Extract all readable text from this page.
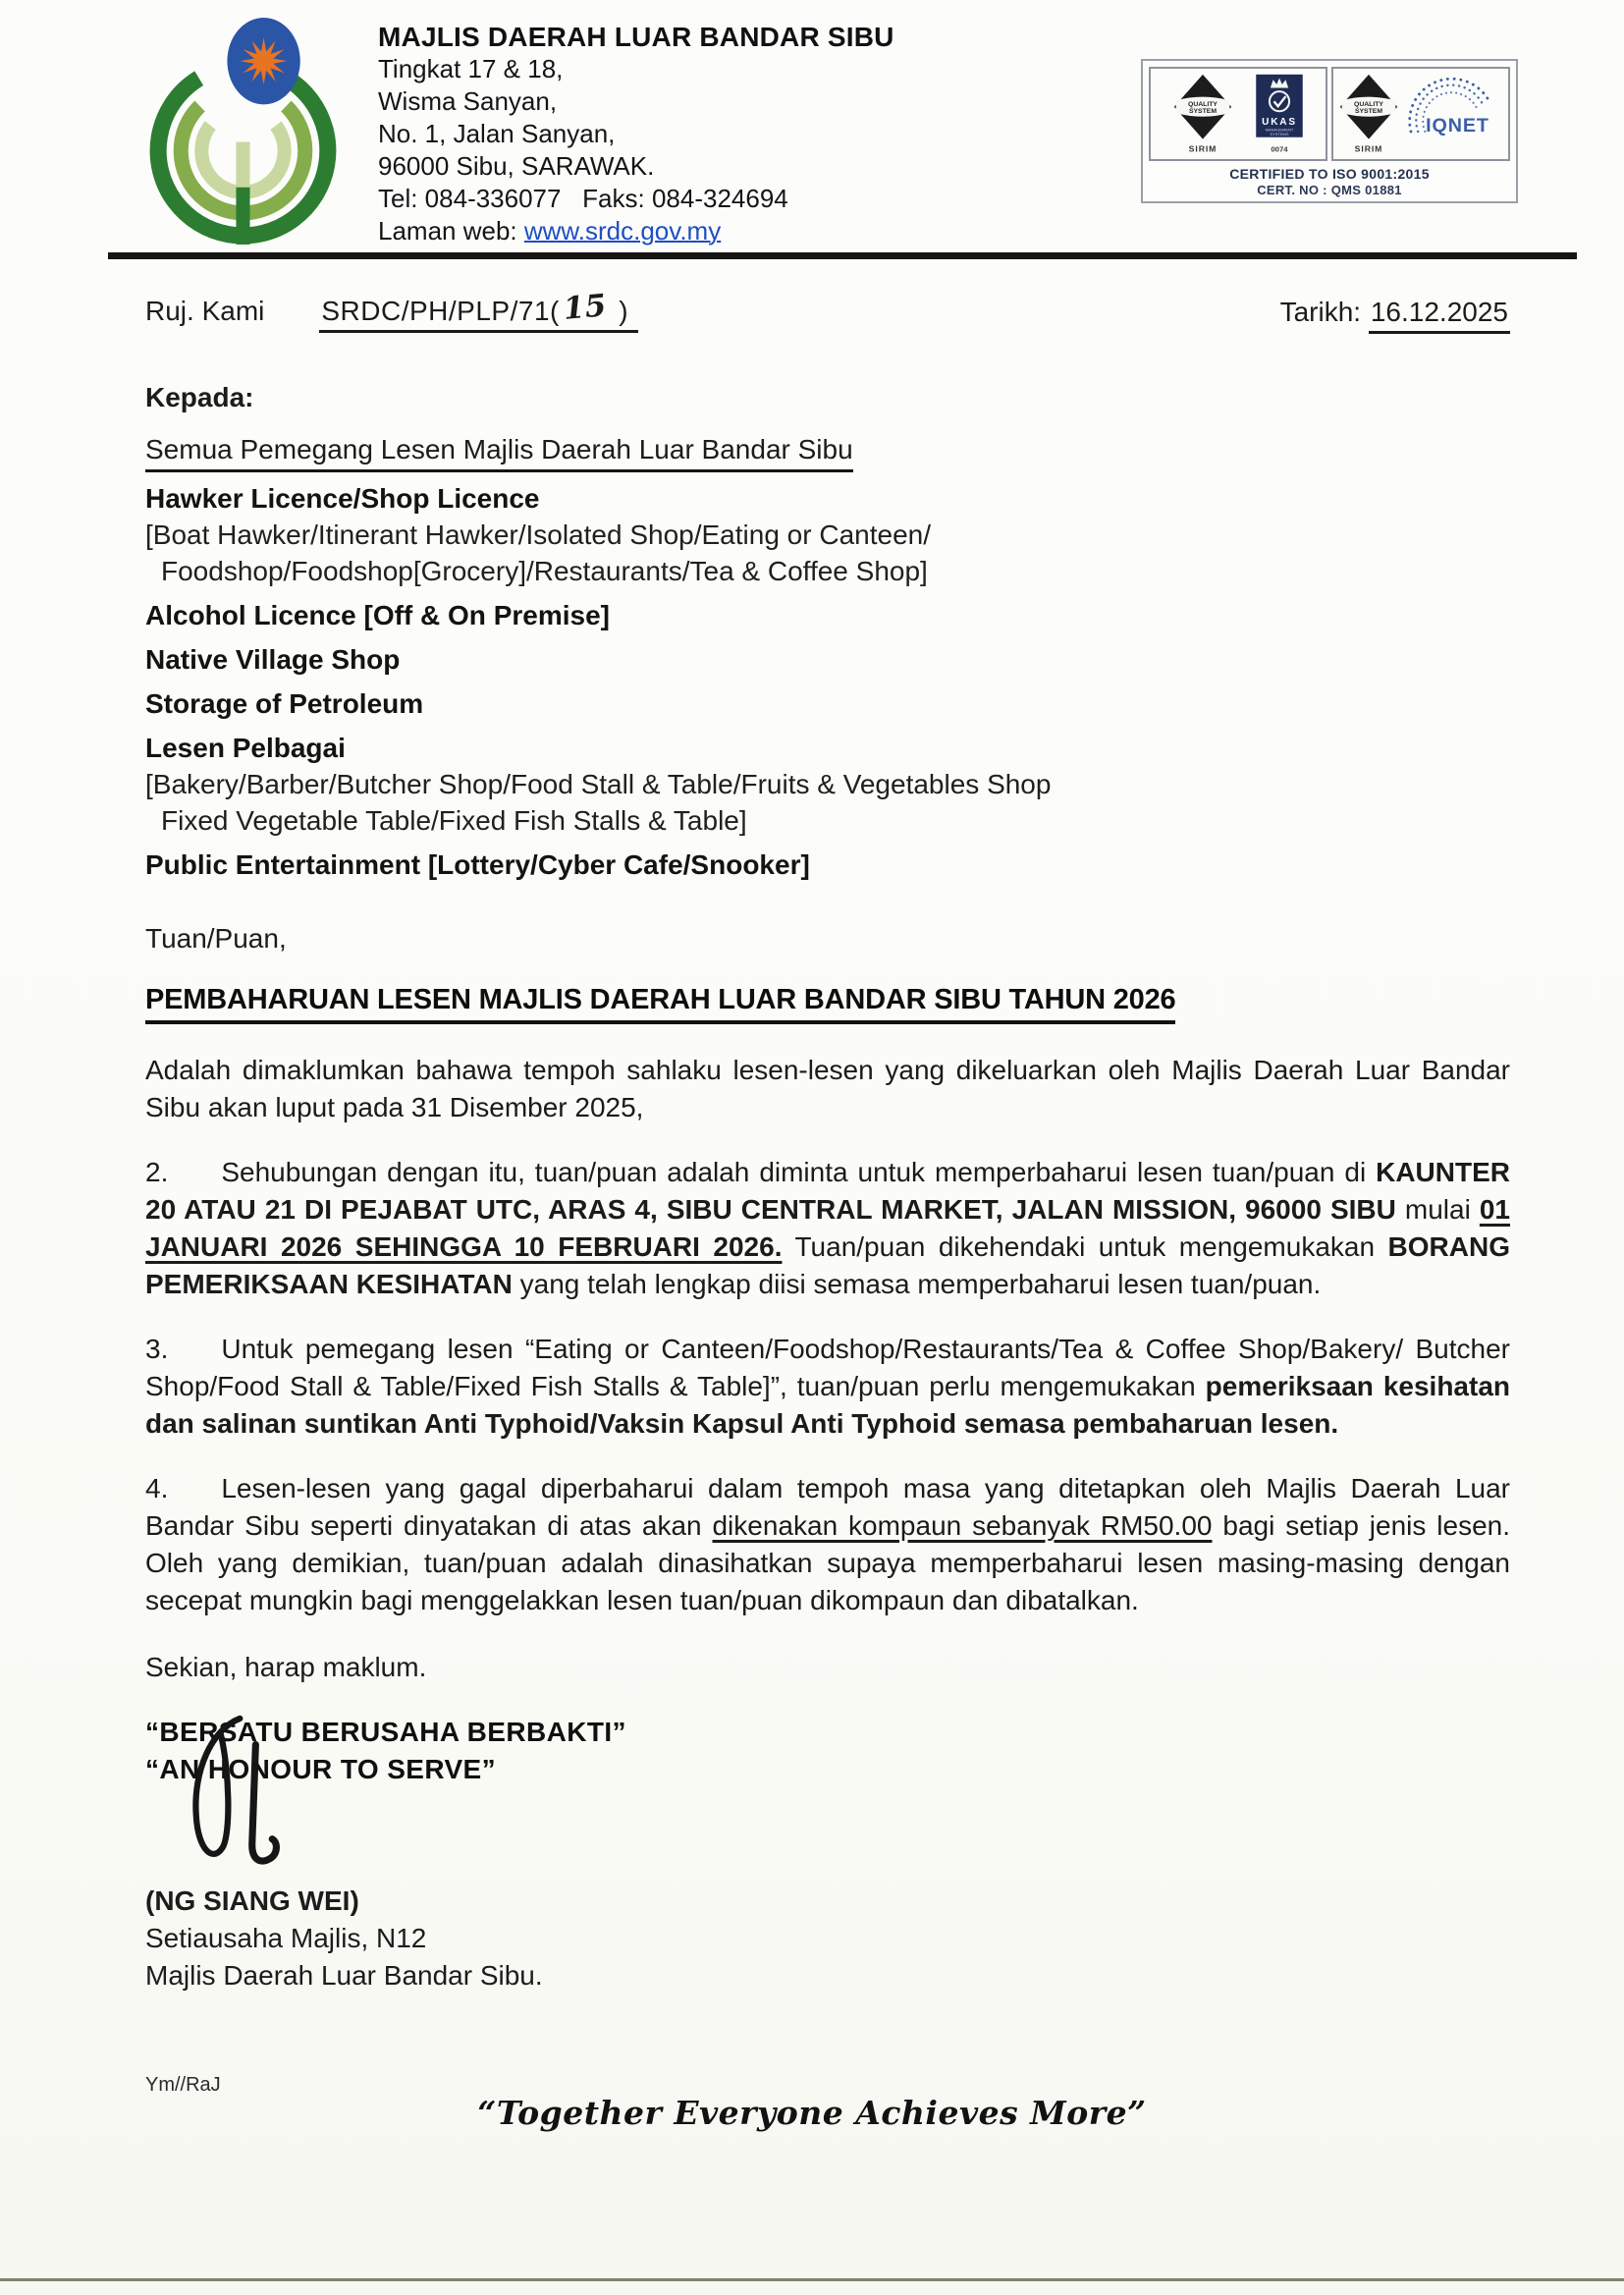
MAJLIS DAERAH LUAR BANDAR SIBU
Tingkat 17 & 18,
Wisma Sanyan,
No. 1, Jalan Sanyan,
96000 Sibu, SARAWAK.
Tel: 084-336077   Faks: 084-324694
Laman web: www.srdc.gov.my
QUALITY
SYSTEM
SIRIM
UKAS
MANAGEMENT
SYSTEMS
0074
QUALITY
SYSTEM
SIRIM
IQNET
CERTIFIED TO ISO 9001:2015
CERT. NO : QMS 01881
Ruj. Kami SRDC/PH/PLP/71(15 )	Tarikh: 16.12.2025
Kepada:
Semua Pemegang Lesen Majlis Daerah Luar Bandar Sibu
Hawker Licence/Shop Licence
[Boat Hawker/Itinerant Hawker/Isolated Shop/Eating or Canteen/
Foodshop/Foodshop[Grocery]/Restaurants/Tea & Coffee Shop]
Alcohol Licence [Off & On Premise]
Native Village Shop
Storage of Petroleum
Lesen Pelbagai
[Bakery/Barber/Butcher Shop/Food Stall & Table/Fruits & Vegetables Shop
Fixed Vegetable Table/Fixed Fish Stalls & Table]
Public Entertainment [Lottery/Cyber Cafe/Snooker]
Tuan/Puan,
PEMBAHARUAN LESEN MAJLIS DAERAH LUAR BANDAR SIBU TAHUN 2026

Adalah dimaklumkan bahawa tempoh sahlaku lesen-lesen yang dikeluarkan oleh Majlis Daerah Luar Bandar Sibu akan luput pada 31 Disember 2025,

2. Sehubungan dengan itu, tuan/puan adalah diminta untuk memperbaharui lesen tuan/puan di KAUNTER 20 ATAU 21 DI PEJABAT UTC, ARAS 4, SIBU CENTRAL MARKET, JALAN MISSION, 96000 SIBU mulai 01 JANUARI 2026 SEHINGGA 10 FEBRUARI 2026. Tuan/puan dikehendaki untuk mengemukakan BORANG PEMERIKSAAN KESIHATAN yang telah lengkap diisi semasa memperbaharui lesen tuan/puan.

3. Untuk pemegang lesen “Eating or Canteen/Foodshop/Restaurants/Tea & Coffee Shop/Bakery/ Butcher Shop/Food Stall & Table/Fixed Fish Stalls & Table]”, tuan/puan perlu mengemukakan pemeriksaan kesihatan dan salinan suntikan Anti Typhoid/Vaksin Kapsul Anti Typhoid semasa pembaharuan lesen.

4. Lesen-lesen yang gagal diperbaharui dalam tempoh masa yang ditetapkan oleh Majlis Daerah Luar Bandar Sibu seperti dinyatakan di atas akan dikenakan kompaun sebanyak RM50.00 bagi setiap jenis lesen. Oleh yang demikian, tuan/puan adalah dinasihatkan supaya memperbaharui lesen masing-masing dengan secepat mungkin bagi menggelakkan lesen tuan/puan dikompaun dan dibatalkan.

Sekian, harap maklum.
“BERSATU BERUSAHA BERBAKTI”
“AN HONOUR TO SERVE”
(NG SIANG WEI)
Setiausaha Majlis, N12
Majlis Daerah Luar Bandar Sibu.
Ym//RaJ
“Together Everyone Achieves More”
